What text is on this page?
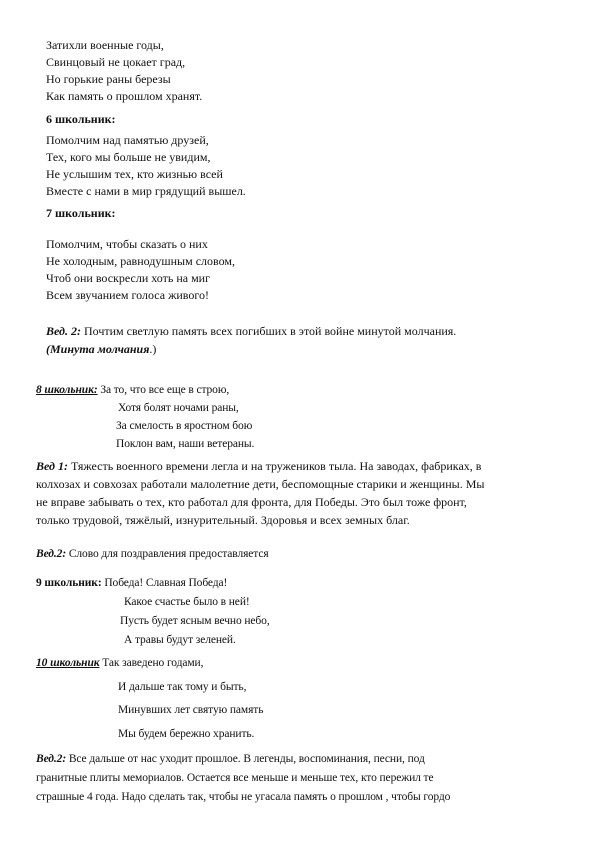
Затихли военные годы,
Свинцовый не цокает град,
Но горькие раны березы
Как память о прошлом хранят.
6 школьник:
Помолчим над памятью друзей,
Тех, кого мы больше не увидим,
Не услышим тех, кто жизнью всей
Вместе с нами в мир грядущий вышел.
7 школьник:
Помолчим, чтобы сказать о них
Не холодным, равнодушным словом,
Чтоб они воскресли хоть на миг
Всем звучанием голоса живого!
Вед. 2: Почтим светлую память всех погибших в этой войне минутой молчания.
(Минута молчания.)
8 школьник: За то, что все еще в строю,
Хотя болят ночами раны,
За смелость в яростном бою
Поклон вам, наши ветераны.
Вед 1: Тяжесть военного времени легла и на тружеников тыла. На заводах, фабриках, в
колхозах и совхозах работали малолетние дети, беспомощные старики и женщины. Мы
не вправе забывать о тех, кто работал для фронта, для Победы. Это был тоже фронт,
только трудовой, тяжёлый, изнурительный. Здоровья и всех земных благ.
Вед.2: Слово для поздравления предоставляется
9 школьник: Победа! Славная Победа!
Какое счастье было в ней!
Пусть будет ясным вечно небо,
А травы будут зеленей.
10 школьник Так заведено годами,
И дальше так тому и быть,
Минувших лет святую память
Мы будем бережно хранить.
Вед.2: Все дальше от нас уходит прошлое. В легенды, воспоминания, песни, под
гранитные плиты мемориалов. Остается все меньше и меньше тех, кто пережил те
страшные 4 года. Надо сделать так, чтобы не угасала память о прошлом , чтобы гордо
